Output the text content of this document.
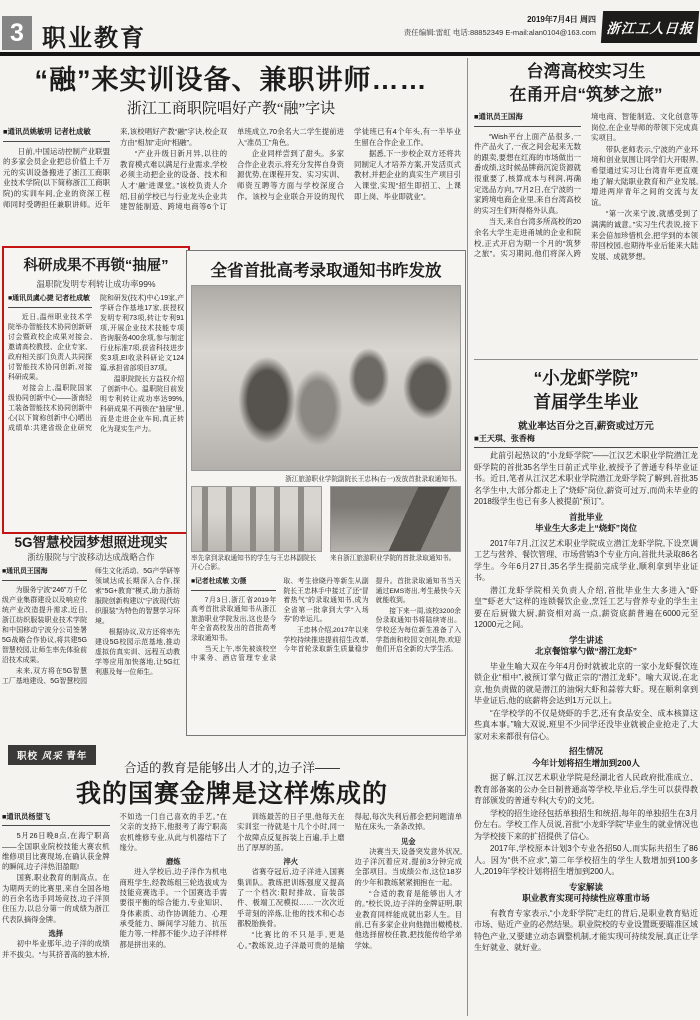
3 职业教育
2019年7月4日 周四
责任编辑:雷虹 电话:88852349 E-mail:alan0104@163.com 浙江工人日报
“融”来实训设备、兼职讲师……
浙江工商职院唱好产教“融”字诀
■通讯员姚敏明 记者杜成敏
日前,中国运动控制产业联盟的多家会员企业把总价值上千万元的实训设备搬进了浙江工商职业技术学院(以下简称浙江工商职院)的实训车间,企业的资深工程师同时受聘担任兼职讲师。近年来,该校唱好产教“融”字诀,校企双方由“相加”走向“相融”。
“产业升级日新月异,以往的教育模式难以满足行业需求,学校必须主动把企业的设备、技术和人才‘融’进课堂。”该校负责人介绍,目前学校已与行业龙头企业共建智能制造、跨境电商等6个订单班成立,70余名大二学生提前进入“准员工”角色。
企业同样尝到了甜头。多家合作企业表示,将充分发挥自身资源优势,在课程开发、实习实训、师资互聘等方面与学校深度合作。该校与企业联合开设的现代学徒班已有4个年头,有一半毕业生留在合作企业工作。
据悉,下一步校企双方还将共同制定人才培养方案,开发活页式教材,并把企业的真实生产项目引入课堂,实现“招生即招工、上课即上岗、毕业即就业”。
台湾高校实习生
在甬开启“筑梦之旅”
■通讯员王国海
“Wish平台上面产品很多,一件产品火了,一夜之间会起来无数的跟卖,要想在红海的市场做出一番成绩,这时候品牌商沉淀货源就很重要了,核算成本与利润,再确定选品方向。”7月2日,在宁波的一家跨境电商企业里,来自台湾高校的实习生们听得格外认真。
当天,来自台湾多所高校的20余名大学生走进甬城的企业和院校,正式开启为期一个月的“筑梦之旅”。实习期间,他们将深入跨境电商、智能制造、文化创意等岗位,在企业导师的带领下完成真实项目。
带队老师表示,宁波的产业环境和创业氛围让同学们大开眼界,希望通过实习让台湾青年更直观地了解大陆职业教育和产业发展,增进两岸青年之间的交流与友谊。
“第一次来宁波,就感受到了满满的诚意。”实习生代表说,接下来会倍加珍惜机会,把学到的本领带回校园,也期待毕业后能来大陆发展、成就梦想。
“小龙虾学院”
首届学生毕业
就业率达百分之百,薪资或过万元
■王天琪、张香梅
此前引起热议的“小龙虾学院”——江汉艺术职业学院潜江龙虾学院的首批35名学生日前正式毕业,被授予了普通专科毕业证书。近日,笔者从江汉艺术职业学院潜江龙虾学院了解到,首批35名学生中,大部分都走上了“烧虾”岗位,薪资可过万,而尚未毕业的2018级学生也已有多人被提前“预订”。
首批毕业
毕业生大多走上“烧虾”岗位
2017年7月,江汉艺术职业学院成立潜江龙虾学院,下设烹调工艺与营养、餐饮管理、市场营销3个专业方向,首批共录取86名学生。今年6月27日,35名学生提前完成学业,顺利拿到毕业证书。
潜江龙虾学院相关负责人介绍,首批毕业生大多进入“虾皇”“虾老大”这样的连锁餐饮企业,烹饪工艺与营养专业的学生主要在后厨做大厨,薪资相对高一点,薪资底薪普遍在6000元至12000元之间。
学生讲述
北京餐馆掌勺做“潜江龙虾”
毕业生喻大双在今年4月份时就被北京的一家小龙虾餐饮连锁企业“相中”,被预订掌勺做正宗的“潜江龙虾”。喻大双说,在北京,他负责做的就是潜江的油焖大虾和蒜蓉大虾。现在顺利拿到毕业证后,他的底薪将会达到1万元以上。
“在学校学的不仅是烧虾的手艺,还有食品安全、成本核算这些真本事。”喻大双说,班里不少同学还没毕业就被企业抢走了,大家对未来都很有信心。
招生情况
今年计划将招生增加到200人
据了解,江汉艺术职业学院是经湖北省人民政府批准成立、教育部备案的公办全日制普通高等学校,毕业后,学生可以获得教育部颁发的普通专科(大专)的文凭。
学校的招生途径包括单独招生和统招,每年的单独招生在3月份左右。学校工作人员说,首批“小龙虾学院”毕业生的就业情况也为学校接下来的扩招提供了信心。
2017年,学校原本计划3个专业各招50人,而实际共招生了86人。因为“供不应求”,第二年学校招生的学生人数增加到100多人,2019年学校计划将招生增加到200人。
专家解读
职业教育实现可持续性应尊重市场
有教育专家表示,“小龙虾学院”走红的背后,是职业教育贴近市场、贴近产业的必然结果。职业院校的专业设置既要瞄准区域特色产业,又要建立动态调整机制,才能实现可持续发展,真正让学生好就业、就好业。
科研成果不再锁“抽屉”
温职院发明专利转让成功率99%
■通讯员虞心捷 记者杜成敏
近日,温州职业技术学院举办智能技术协同创新研讨会暨政校企成果对接会,邀请高校教授、企业专家、政府相关部门负责人共同探讨智能技术协同创新,对接科研成果。
对接会上,温职院国家级协同创新中心——浙南轻工装备智能技术协同创新中心(以下简称创新中心)晒出成绩单:共建省级企业研究院和研发(技术)中心19家,产学研合作基地17家,获授权发明专利73项,转让专利91项,开展企业技术技能专项咨询服务400余项,参与制定行业标准7项,获省科技进步奖3项,EI收录科研论文124篇,承担省部项目37项。
温职院院长方益权介绍了创新中心。温职院目前发明专利转让成功率达99%,科研成果不再锁在“抽屉”里,而是走进企业车间,真正转化为现实生产力。
全省首批高考录取通知书昨发放
浙江旅游职业学院副院长王忠林(右一)发放首批录取通知书。
率先拿到录取通知书的学生与王忠林副院长开心合影。
来自浙江旅游职业学院的首批录取通知书。
■记者杜成敏 文/摄
7月3日,浙江省2019年高考首批录取通知书从浙江旅游职业学院发出,这也是今年全省高校发出的首批高考录取通知书。
当天上午,率先被该校空中乘务、酒店管理专业录取、考生徐晓丹等新生从副院长王忠林手中接过了还“冒着热气”的录取通知书,成为全省第一批拿到大学“入场券”的幸运儿。
王忠林介绍,2017年以来学校持续推进提前招生改革,今年首轮录取新生质量稳步提升。首批录取通知书当天通过EMS寄出,考生最快今天就能收到。
接下来一周,该校3200余份录取通知书将陆续寄出。学校还为每位新生准备了入学指南和校园文创礼物,欢迎他们开启全新的大学生活。
5G智慧校园梦想照进现实
浙纺服院与宁波移动达成战略合作
■通讯员王国海
为服务宁波“246”万千亿级产业集群建设以及响应传统产业改造提升需求,近日,浙江纺织服装职业技术学院和中国移动宁波分公司签署5G战略合作协议,将共建5G智慧校园,让师生率先体验前沿技术成果。
未来,双方将在5G智慧工厂基地建设、5G智慧校园师生文化活动、5G产学研等领域达成长期深入合作,探索“5G+教育”模式,助力浙纺服院创新构建以“宁波现代纺织服装”为特色的智慧学习环境。
根据协议,双方还将率先建设5G校园示范基地,推动虚拟仿真实训、远程互动教学等应用加快落地,让5G红利惠及每一位师生。
职校 风采 青年
合适的教育是能够出人才的,边子洋——
我的国赛金牌是这样炼成的
■通讯员杨望飞
5月26日晚8点,在海宁职高——全国职业院校技能大赛农机维修项目比赛现场,在确认获金牌的瞬间,边子洋热泪盈眶!
国赛,职业教育的制高点。在为期两天的比赛里,来自全国各地的百余名选手同场竞技,边子洋顶住压力,以总分第一的成绩为浙江代表队摘得金牌。
选择
初中毕业那年,边子洋的成绩并不拔尖。“与其挤普高的独木桥,不如选一门自己喜欢的手艺。”在父亲的支持下,他报考了海宁职高农机维修专业,从此与机器结下了缘分。
磨炼
进入学校后,边子洋作为机电商班学生,经教练组三轮选拔成为技能竞赛选手。一个国赛选手需要很平衡的综合能力,专业知识、身体素质、动作协调能力、心理承受能力、瞬间学习能力、抗压能力等,一样都不能少,边子洋样样都是拼出来的。
训练最苦的日子里,他每天在实训室一待就是十几个小时,同一个故障点反复拆装上百遍,手上磨出了厚厚的茧。
淬火
省赛夺冠后,边子洋进入国赛集训队。教练把训练强度又提高了一个档次:限时排故、盲装部件、极端工况模拟……一次次近乎苛刻的淬炼,让他的技术和心态都脱胎换骨。
“比赛比的不只是手,更是心。”教练说,边子洋最可贵的是输得起,每次失利后都会把问题清单贴在床头,一条条改掉。
见金
决赛当天,设备突发意外状况,边子洋沉着应对,提前3分钟完成全部项目。当成绩公布,这位18岁的少年和教练紧紧拥抱在一起。
“合适的教育是能够出人才的。”校长说,边子洋的金牌证明,职业教育同样能成就出彩人生。目前,已有多家企业向他抛出橄榄枝,他选择留校任教,把技能传给学弟学妹。
